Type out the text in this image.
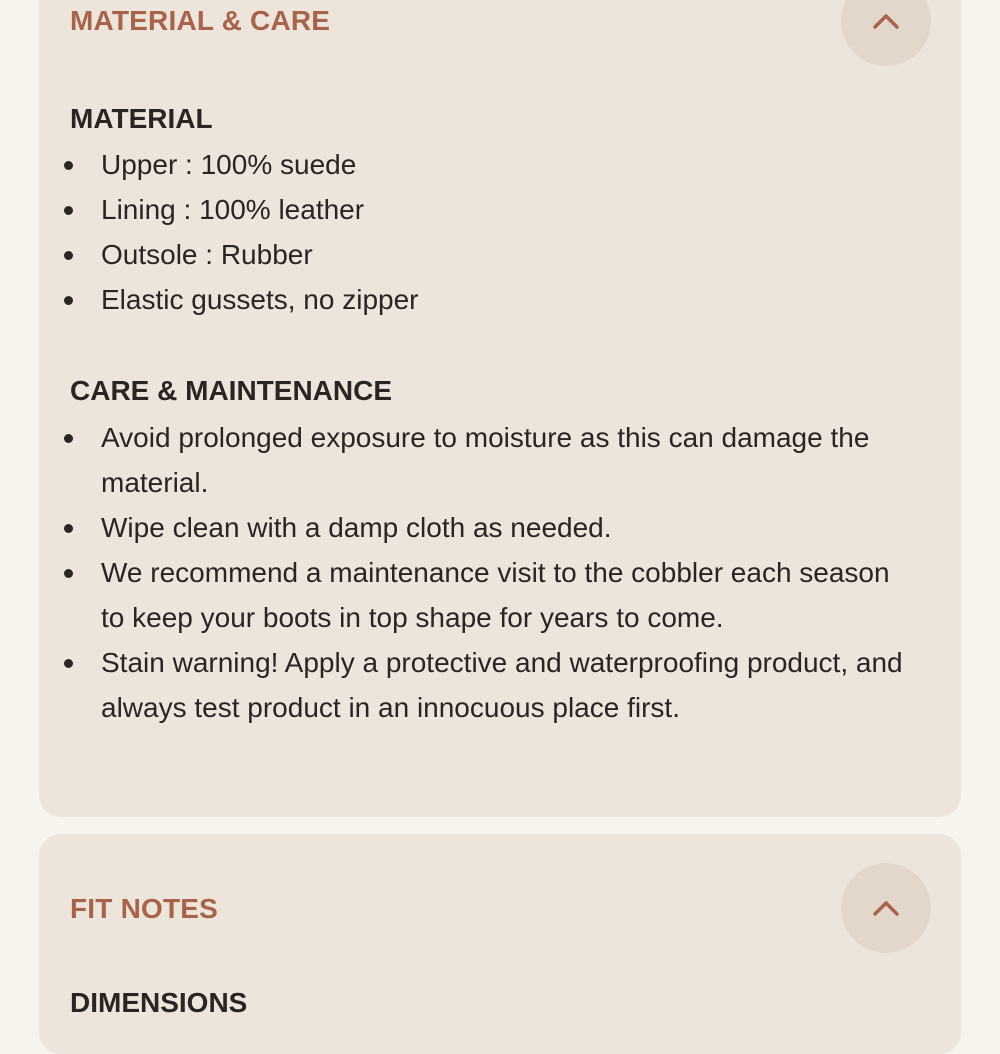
MATERIAL & CARE
MATERIAL
Upper : 100% suede
Lining : 100% leather
Outsole : Rubber
Elastic gussets, no zipper
CARE & MAINTENANCE
Avoid prolonged exposure to moisture as this can damage the material.
Wipe clean with a damp cloth as needed.
We recommend a maintenance visit to the cobbler each season to keep your boots in top shape for years to come.
Stain warning! Apply a protective and waterproofing product, and always test product in an innocuous place first.
FIT NOTES
DIMENSIONS
